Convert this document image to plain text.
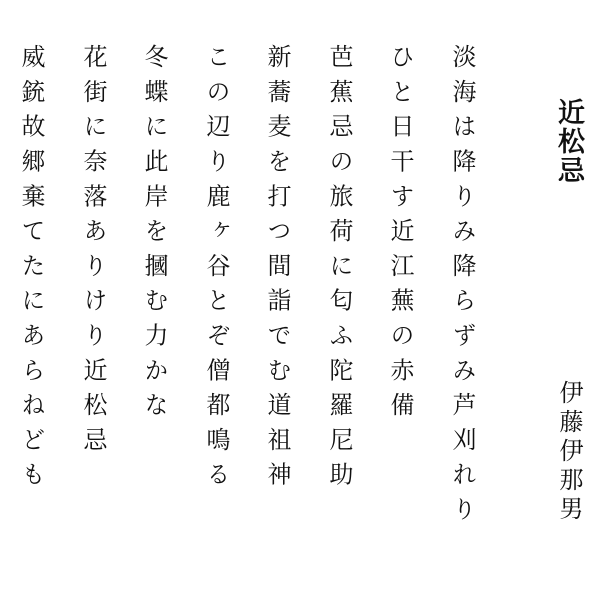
近松忌
伊藤伊那男
淡海は降りみ降らずみ芦刈れり
ひと日干す近江蕪の赤備
芭蕉忌の旅荷に匂ふ陀羅尼助
新蕎麦を打つ間詣でむ道祖神
この辺り鹿ヶ谷とぞ僧都鳴る
冬蝶に此岸を摑む力かな
花街に奈落ありけり近松忌
威銃故郷棄てたにあらねども
